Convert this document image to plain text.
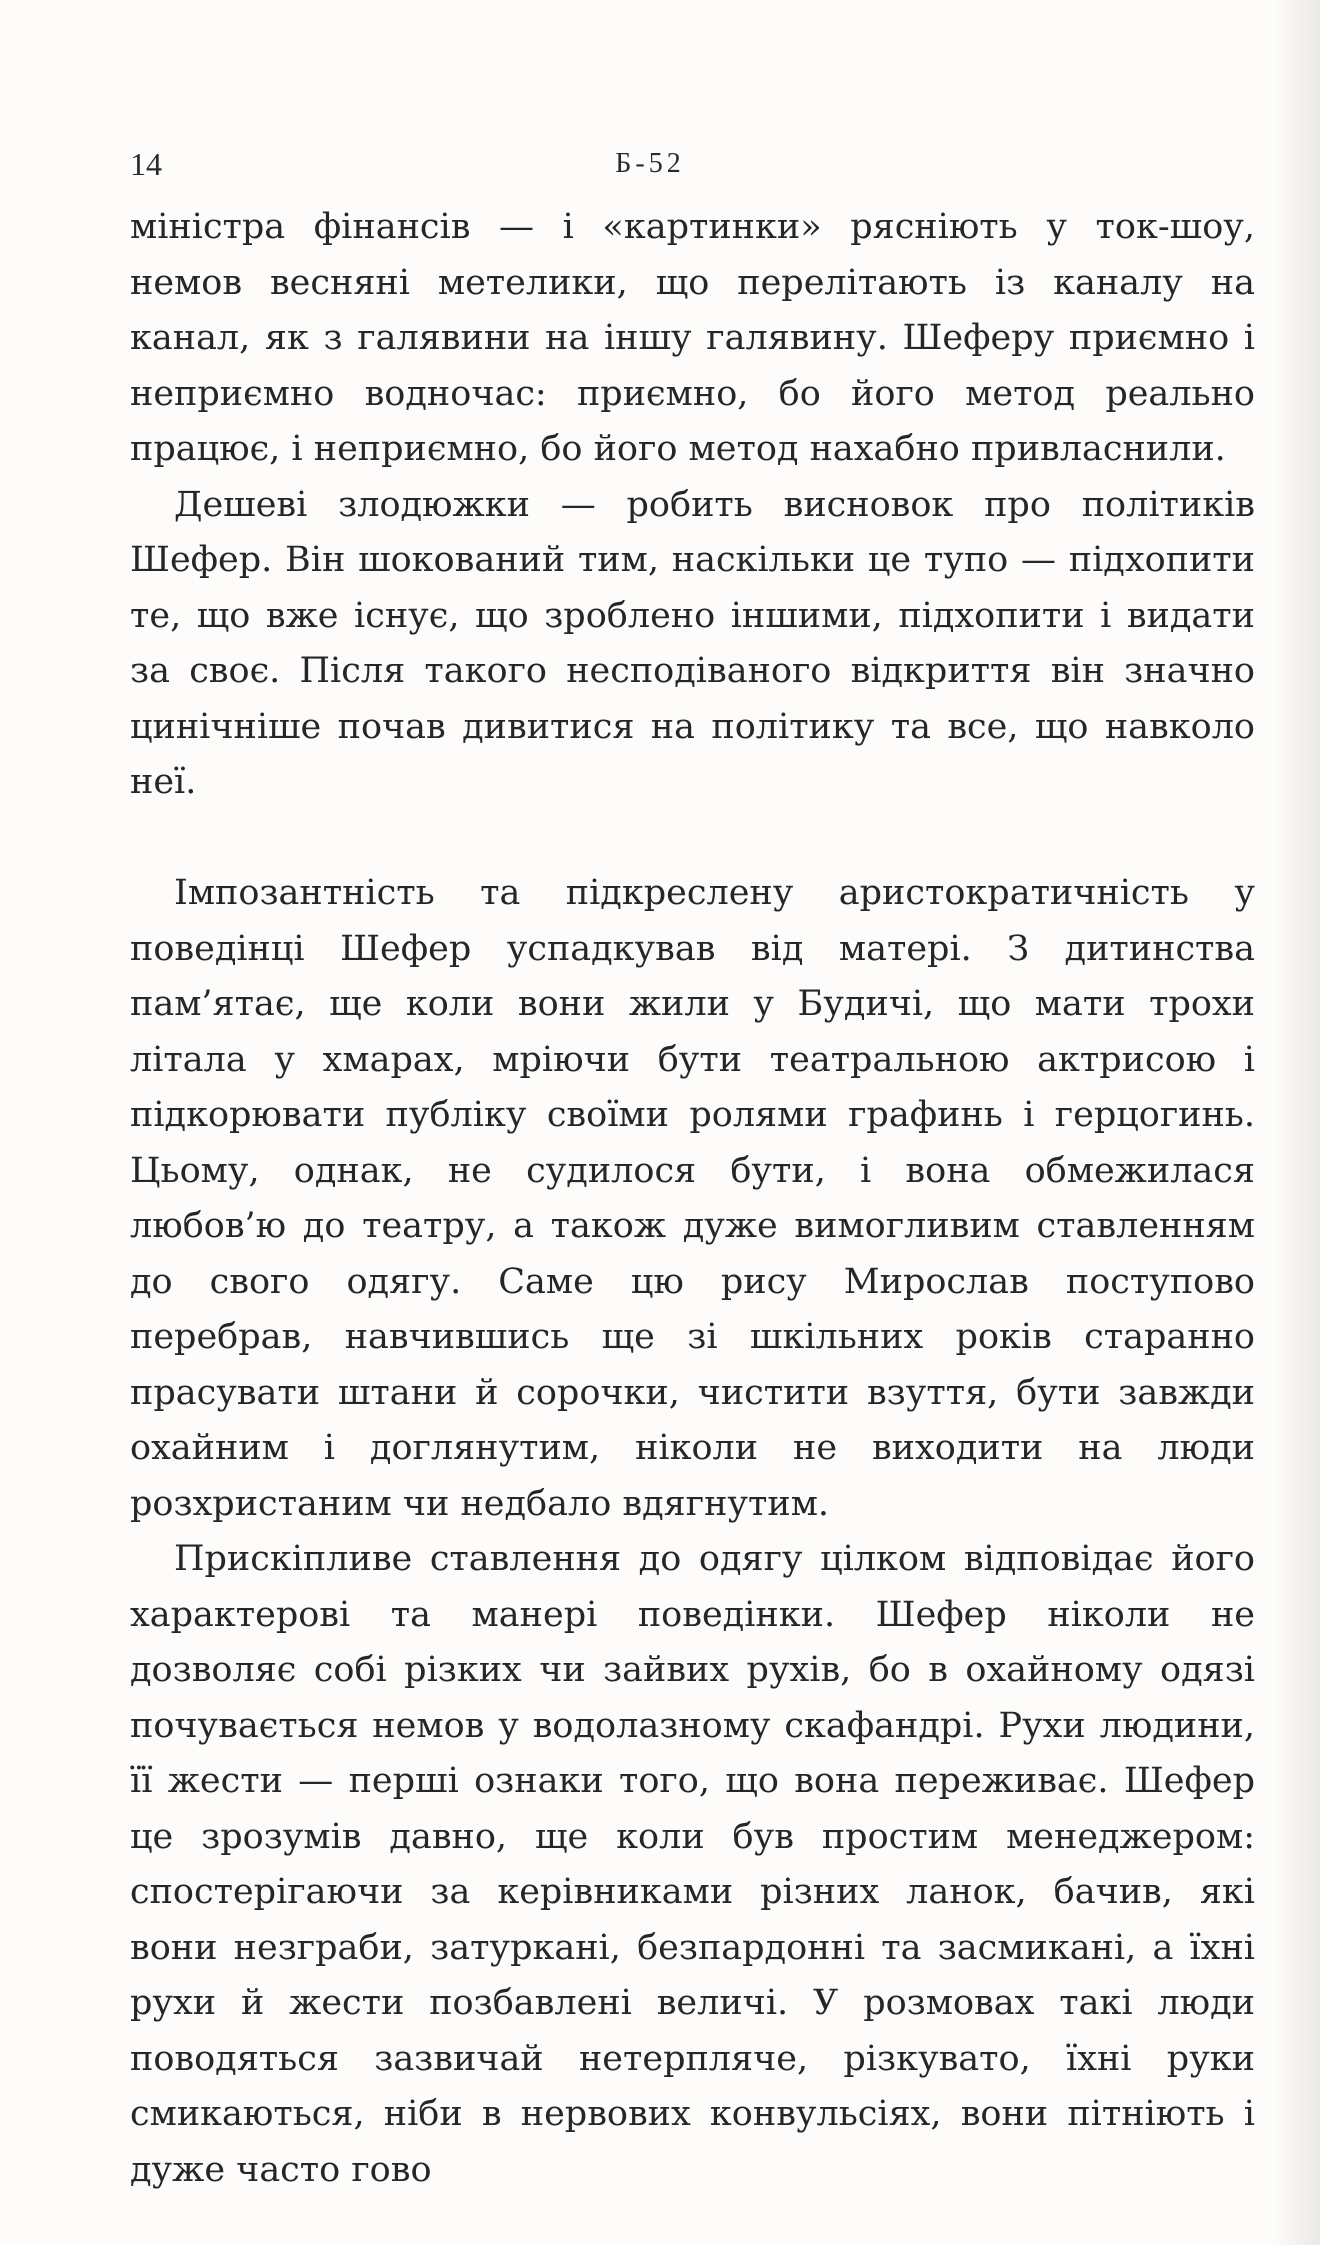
14	Б-52

міністра фінансів — і «картинки» рясніють у ток-шоу, немов весняні метелики, що перелітають із каналу на канал, як з галявини на іншу галявину. Шеферу приємно і неприємно водночас: приємно, бо його метод реально працює, і неприємно, бо його метод нахабно привласнили.

Дешеві злодюжки — робить висновок про політиків Шефер. Він шокований тим, наскільки це тупо — підхопити те, що вже існує, що зроблено іншими, підхопити і видати за своє. Після такого несподіваного відкриття він значно цинічніше почав дивитися на політику та все, що навколо неї.

Імпозантність та підкреслену аристократичність у поведінці Шефер успадкував від матері. З дитинства пам’ятає, ще коли вони жили у Будичі, що мати трохи літала у хмарах, мріючи бути театральною актрисою і підкорювати публіку своїми ролями графинь і герцогинь. Цьому, однак, не судилося бути, і вона обмежилася любов’ю до театру, а також дуже вимогливим ставленням до свого одягу. Саме цю рису Мирослав поступово перебрав, навчившись ще зі шкільних років старанно прасувати штани й сорочки, чистити взуття, бути завжди охайним і доглянутим, ніколи не виходити на люди розхристаним чи недбало вдягнутим.

Прискіпливе ставлення до одягу цілком відповідає його характерові та манері поведінки. Шефер ніколи не дозволяє собі різких чи зайвих рухів, бо в охайному одязі почувається немов у водолазному скафандрі. Рухи людини, її жести — перші ознаки того, що вона переживає. Шефер це зрозумів давно, ще коли був простим менеджером: спостерігаючи за керівниками різних ланок, бачив, які вони незграби, затуркані, безпардонні та засмикані, а їхні рухи й жести позбавлені величі. У розмовах такі люди поводяться зазвичай нетерпляче, різкувато, їхні руки смикаються, ніби в нервових конвульсіях, вони пітніють і дуже часто гово
